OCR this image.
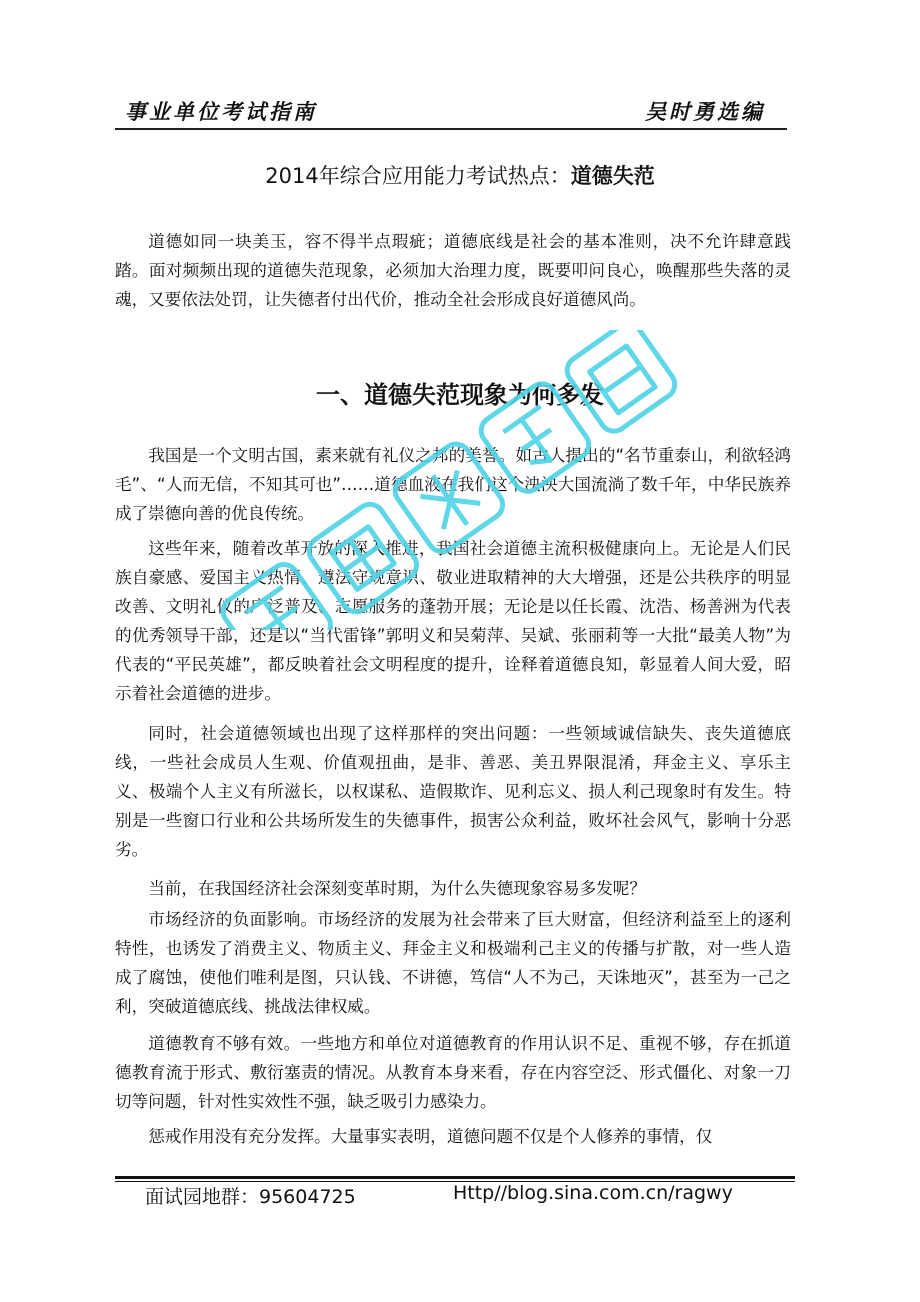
事业单位考试指南	吴时勇选编
2014年综合应用能力考试热点：道德失范
道德如同一块美玉，容不得半点瑕疵；道德底线是社会的基本准则，决不允许肆意践踏。面对频频出现的道德失范现象，必须加大治理力度，既要叩问良心，唤醒那些失落的灵魂，又要依法处罚，让失德者付出代价，推动全社会形成良好道德风尚。
一、道德失范现象为何多发
我国是一个文明古国，素来就有礼仪之邦的美誉。如古人提出的“名节重泰山，利欲轻鸿毛”、“人而无信，不知其可也”……道德血液在我们这个泱泱大国流淌了数千年，中华民族养成了崇德向善的优良传统。
这些年来，随着改革开放的深入推进，我国社会道德主流积极健康向上。无论是人们民族自豪感、爱国主义热情、遵法守规意识、敬业进取精神的大大增强，还是公共秩序的明显改善、文明礼仪的广泛普及、志愿服务的蓬勃开展；无论是以任长霞、沈浩、杨善洲为代表的优秀领导干部，还是以“当代雷锋”郭明义和吴菊萍、吴斌、张丽莉等一大批“最美人物”为代表的“平民英雄”，都反映着社会文明程度的提升，诠释着道德良知，彰显着人间大爱，昭示着社会道德的进步。
同时，社会道德领域也出现了这样那样的突出问题：一些领域诚信缺失、丧失道德底线，一些社会成员人生观、价值观扭曲，是非、善恶、美丑界限混淆，拜金主义、享乐主义、极端个人主义有所滋长，以权谋私、造假欺诈、见利忘义、损人利己现象时有发生。特别是一些窗口行业和公共场所发生的失德事件，损害公众利益，败坏社会风气，影响十分恶劣。
当前，在我国经济社会深刻变革时期，为什么失德现象容易多发呢？
市场经济的负面影响。市场经济的发展为社会带来了巨大财富，但经济利益至上的逐利特性，也诱发了消费主义、物质主义、拜金主义和极端利己主义的传播与扩散，对一些人造成了腐蚀，使他们唯利是图，只认钱、不讲德，笃信“人不为己，天诛地灭”，甚至为一己之利，突破道德底线、挑战法律权威。
道德教育不够有效。一些地方和单位对道德教育的作用认识不足、重视不够，存在抓道德教育流于形式、敷衍塞责的情况。从教育本身来看，存在内容空泛、形式僵化、对象一刀切等问题，针对性实效性不强，缺乏吸引力感染力。
惩戒作用没有充分发挥。大量事实表明，道德问题不仅是个人修养的事情，仅
面试园地群：95604725	Http//blog.sina.com.cn/ragwy
